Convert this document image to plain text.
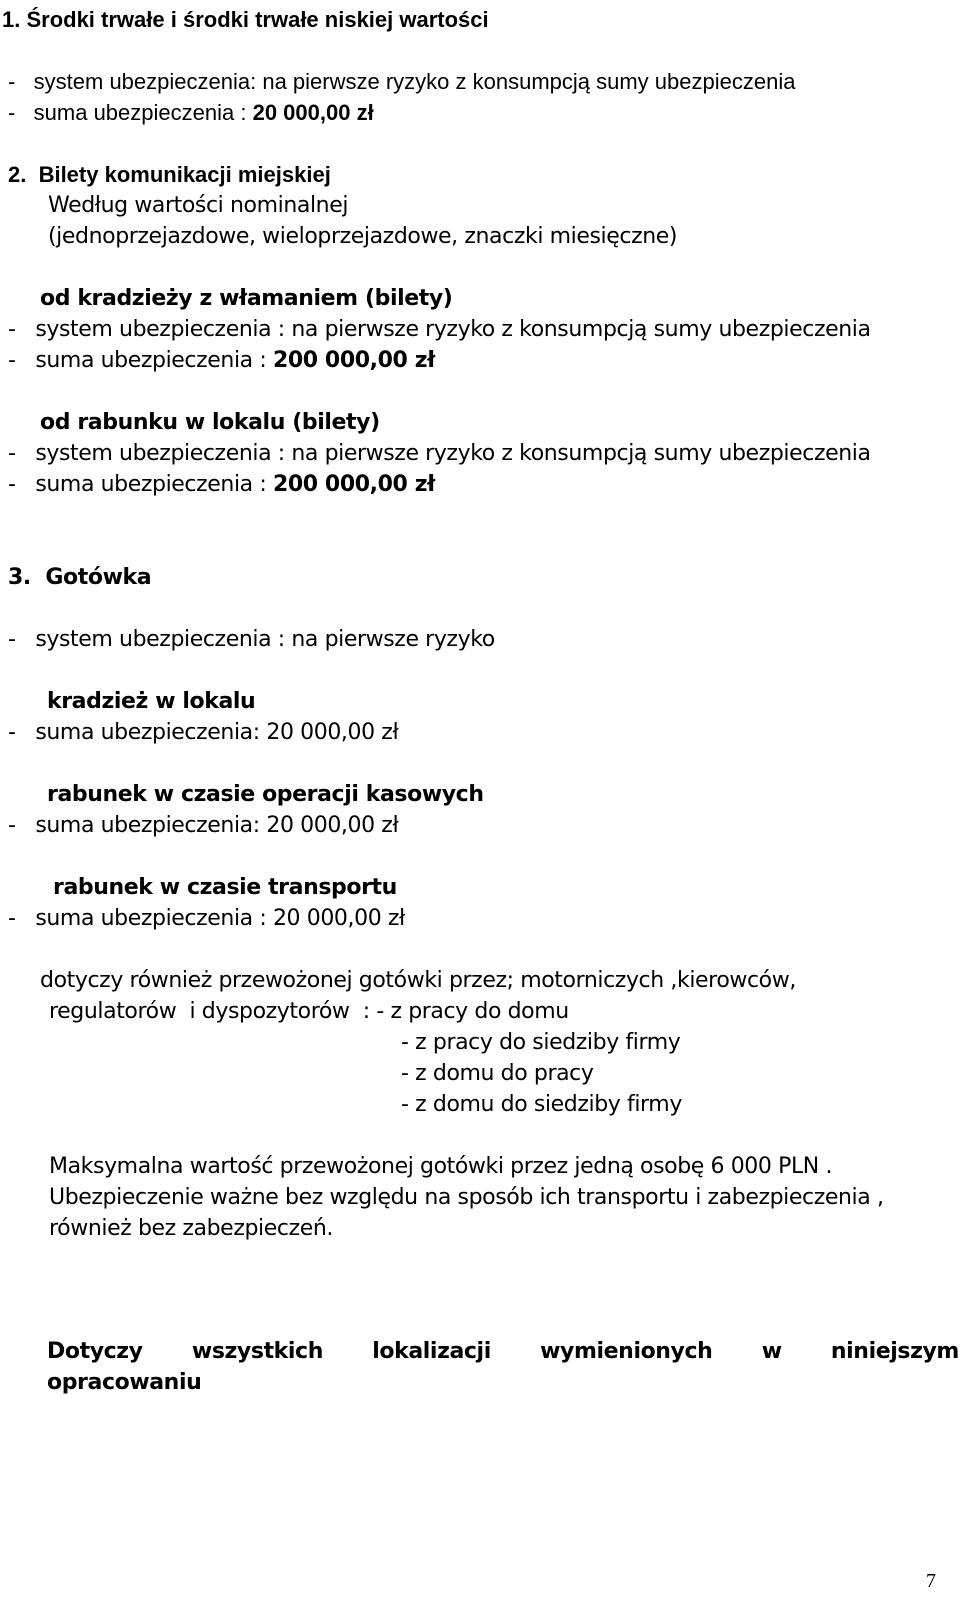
1. Środki trwałe i środki trwałe niskiej wartości
-   system ubezpieczenia: na pierwsze ryzyko z konsumpcją sumy ubezpieczenia
-   suma ubezpieczenia : 20 000,00 zł
2.  Bilety komunikacji miejskiej
Według wartości nominalnej
(jednoprzejazdowe, wieloprzejazdowe, znaczki miesięczne)
od kradzieży z włamaniem (bilety)
-   system ubezpieczenia : na pierwsze ryzyko z konsumpcją sumy ubezpieczenia
-   suma ubezpieczenia : 200 000,00 zł
od rabunku w lokalu (bilety)
-   system ubezpieczenia : na pierwsze ryzyko z konsumpcją sumy ubezpieczenia
-   suma ubezpieczenia : 200 000,00 zł
3.  Gotówka
-   system ubezpieczenia : na pierwsze ryzyko
kradzież w lokalu
-   suma ubezpieczenia: 20 000,00 zł
rabunek w czasie operacji kasowych
-   suma ubezpieczenia: 20 000,00 zł
rabunek w czasie transportu
-   suma ubezpieczenia : 20 000,00 zł
dotyczy również przewożonej gotówki przez; motorniczych ,kierowców,
regulatorów  i dyspozytorów  : - z pracy do domu
- z pracy do siedziby firmy
- z domu do pracy
- z domu do siedziby firmy
Maksymalna wartość przewożonej gotówki przez jedną osobę 6 000 PLN .
Ubezpieczenie ważne bez względu na sposób ich transportu i zabezpieczenia ,
również bez zabezpieczeń.
Dotyczy wszystkich lokalizacji wymienionych w niniejszym
opracowaniu
7
